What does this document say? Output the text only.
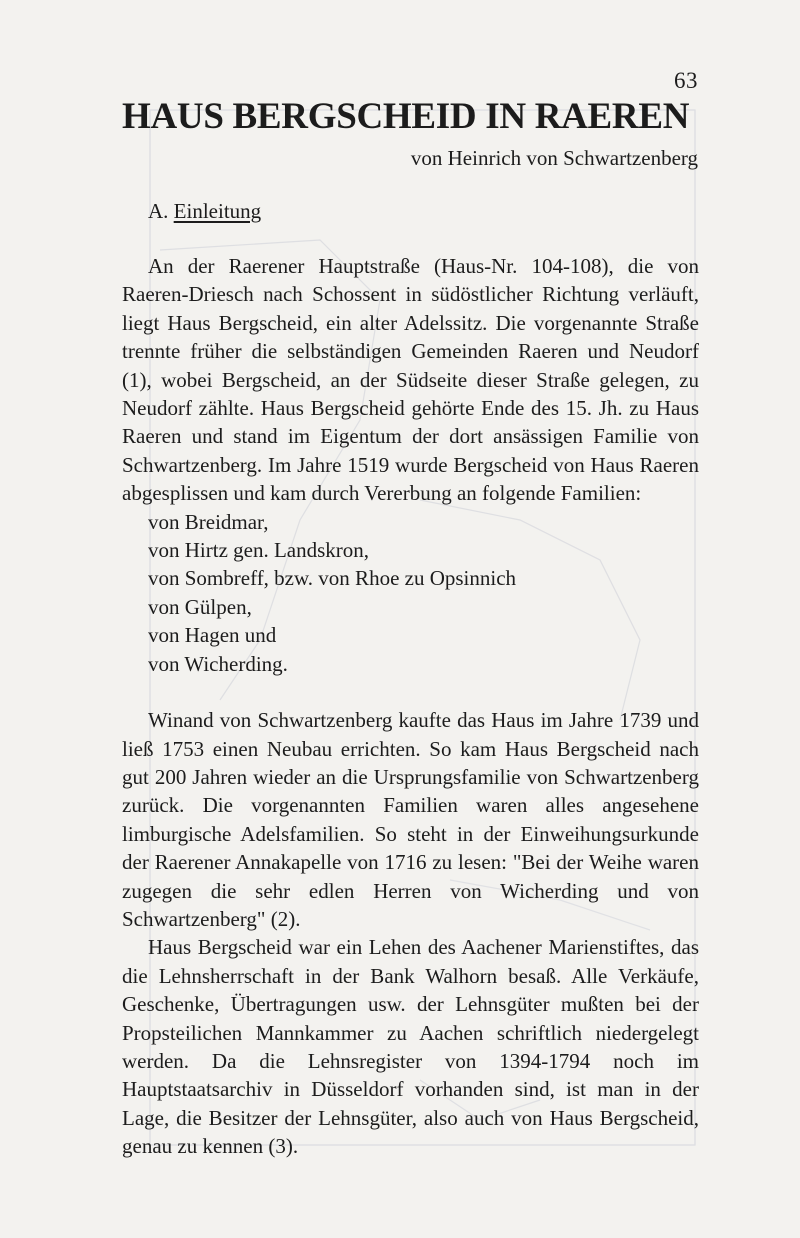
63
HAUS BERGSCHEID IN RAEREN
von Heinrich von Schwartzenberg
A. Einleitung

An der Raerener Hauptstraße (Haus-Nr. 104-108), die von Raeren-Driesch nach Schossent in südöstlicher Richtung verläuft, liegt Haus Bergscheid, ein alter Adelssitz. Die vorgenannte Straße trennte früher die selbständigen Gemeinden Raeren und Neudorf (1), wobei Bergscheid, an der Südseite dieser Straße gelegen, zu Neudorf zählte. Haus Bergscheid gehörte Ende des 15. Jh. zu Haus Raeren und stand im Eigentum der dort ansässigen Familie von Schwartzenberg. Im Jahre 1519 wurde Bergscheid von Haus Raeren abgesplissen und kam durch Vererbung an folgende Familien:

von Breidmar,
von Hirtz gen. Landskron,
von Sombreff, bzw. von Rhoe zu Opsinnich
von Gülpen,
von Hagen und
von Wicherding.

Winand von Schwartzenberg kaufte das Haus im Jahre 1739 und ließ 1753 einen Neubau errichten. So kam Haus Bergscheid nach gut 200 Jahren wieder an die Ursprungsfamilie von Schwartzenberg zurück. Die vorgenannten Familien waren alles angesehene limburgische Adelsfamilien. So steht in der Einweihungsurkunde der Raerener Annakapelle von 1716 zu lesen: "Bei der Weihe waren zugegen die sehr edlen Herren von Wicherding und von Schwartzenberg" (2).

Haus Bergscheid war ein Lehen des Aachener Marienstiftes, das die Lehnsherrschaft in der Bank Walhorn besaß. Alle Verkäufe, Geschenke, Übertragungen usw. der Lehnsgüter mußten bei der Propsteilichen Mannkammer zu Aachen schriftlich niedergelegt werden. Da die Lehnsregister von 1394-1794 noch im Hauptstaatsarchiv in Düsseldorf vorhanden sind, ist man in der Lage, die Besitzer der Lehnsgüter, also auch von Haus Bergscheid, genau zu kennen (3).
